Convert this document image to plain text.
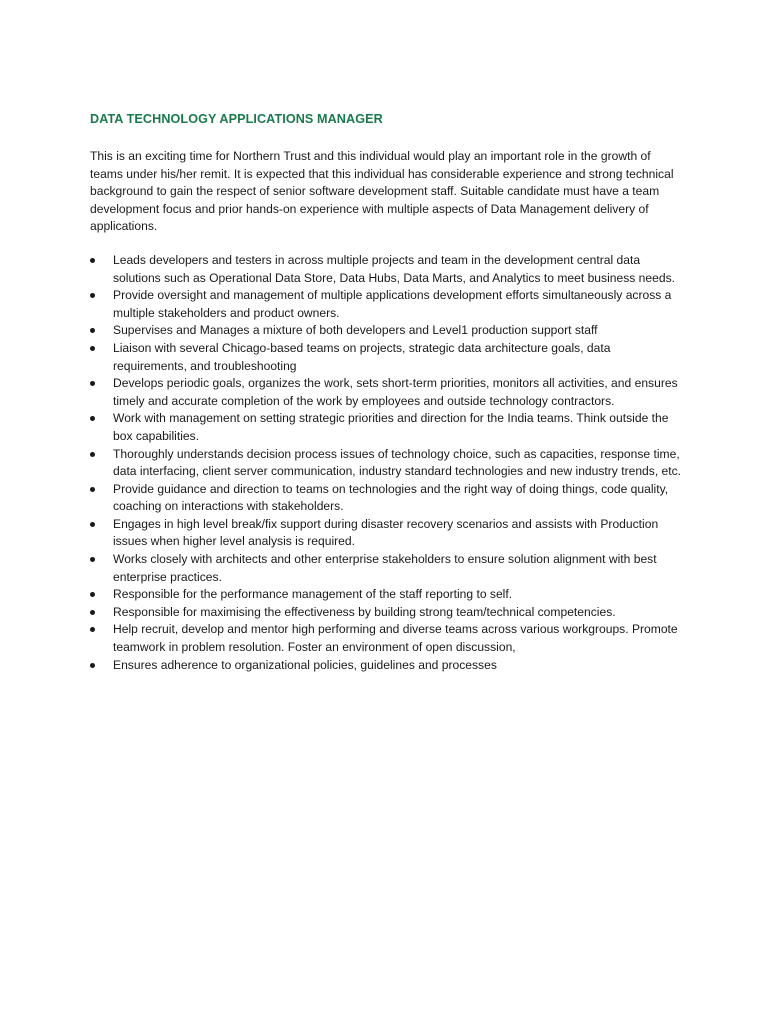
DATA TECHNOLOGY APPLICATIONS MANAGER

This is an exciting time for Northern Trust and this individual would play an important role in the growth of teams under his/her remit. It is expected that this individual has considerable experience and strong technical background to gain the respect of senior software development staff. Suitable candidate must have a team development focus and prior hands-on experience with multiple aspects of Data Management delivery of applications.

Leads developers and testers in across multiple projects and team in the development central data solutions such as Operational Data Store, Data Hubs, Data Marts, and Analytics to meet business needs.
Provide oversight and management of multiple applications development efforts simultaneously across a multiple stakeholders and product owners.
Supervises and Manages a mixture of both developers and Level1 production support staff
Liaison with several Chicago-based teams on projects, strategic data architecture goals, data requirements, and troubleshooting
Develops periodic goals, organizes the work, sets short-term priorities, monitors all activities, and ensures timely and accurate completion of the work by employees and outside technology contractors.
Work with management on setting strategic priorities and direction for the India teams. Think outside the box capabilities.
Thoroughly understands decision process issues of technology choice, such as capacities, response time, data interfacing, client server communication, industry standard technologies and new industry trends, etc.
Provide guidance and direction to teams on technologies and the right way of doing things, code quality, coaching on interactions with stakeholders.
Engages in high level break/fix support during disaster recovery scenarios and assists with Production issues when higher level analysis is required.
Works closely with architects and other enterprise stakeholders to ensure solution alignment with best enterprise practices.
Responsible for the performance management of the staff reporting to self.
Responsible for maximising the effectiveness by building strong team/technical competencies.
Help recruit, develop and mentor high performing and diverse teams across various workgroups. Promote teamwork in problem resolution. Foster an environment of open discussion,
Ensures adherence to organizational policies, guidelines and processes
